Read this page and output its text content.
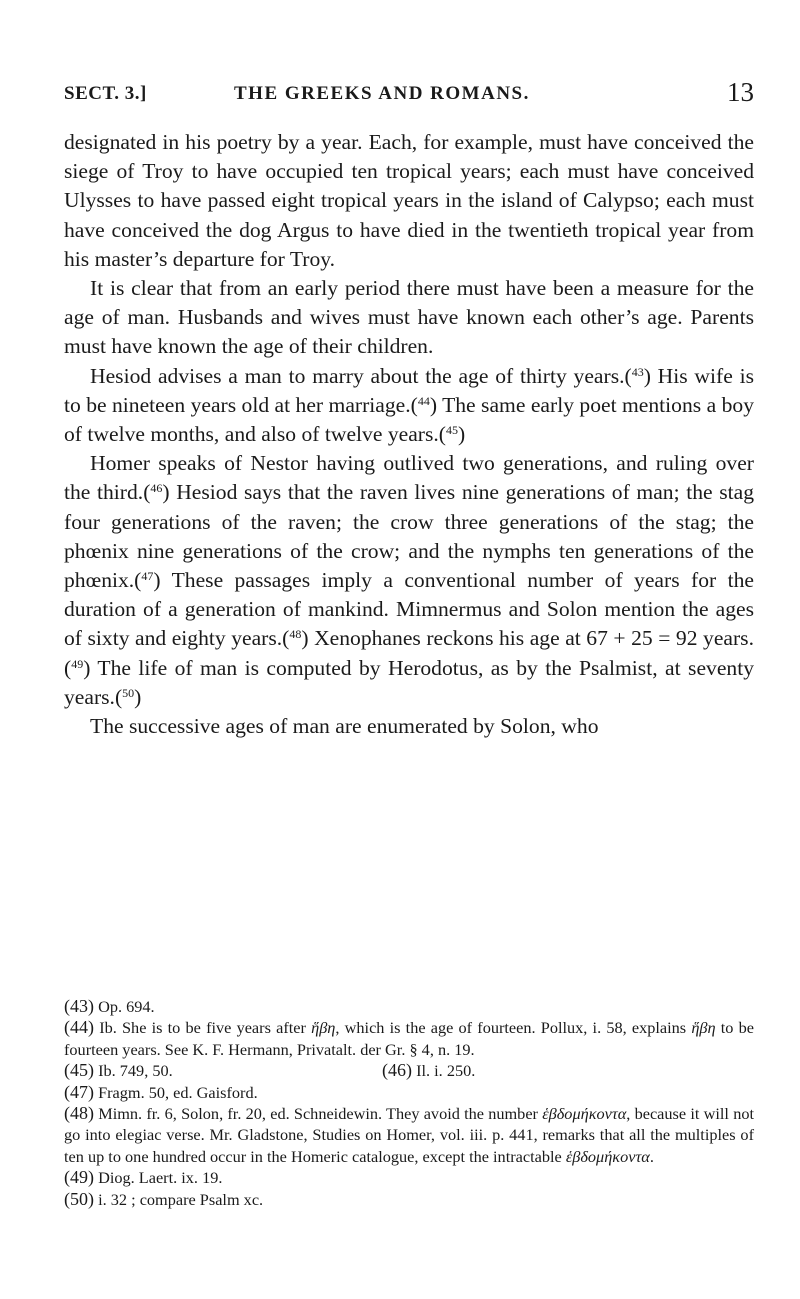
SECT. 3.]	THE GREEKS AND ROMANS.	13

designated in his poetry by a year. Each, for example, must have conceived the siege of Troy to have occupied ten tropical years; each must have conceived Ulysses to have passed eight tropical years in the island of Calypso; each must have conceived the dog Argus to have died in the twentieth tropical year from his master’s departure for Troy.

It is clear that from an early period there must have been a measure for the age of man. Husbands and wives must have known each other’s age. Parents must have known the age of their children.

Hesiod advises a man to marry about the age of thirty years.($^{43}$) His wife is to be nineteen years old at her marriage.($^{44}$) The same early poet mentions a boy of twelve months, and also of twelve years.($^{45}$)

Homer speaks of Nestor having outlived two generations, and ruling over the third.($^{46}$) Hesiod says that the raven lives nine generations of man; the stag four generations of the raven; the crow three generations of the stag; the phœnix nine generations of the crow; and the nymphs ten generations of the phœnix.($^{47}$) These passages imply a conventional number of years for the duration of a generation of mankind. Mimnermus and Solon mention the ages of sixty and eighty years.($^{48}$) Xenophanes reckons his age at 67 + 25 = 92 years.($^{49}$) The life of man is computed by Herodotus, as by the Psalmist, at seventy years.($^{50}$)

The successive ages of man are enumerated by Solon, who

(43) Op. 694.

(44) Ib. She is to be five years after ἥβη, which is the age of fourteen. Pollux, i. 58, explains ἥβη to be fourteen years. See K. F. Hermann, Privatalt. der Gr. § 4, n. 19.

(45) Ib. 749, 50.	(46) Il. i. 250.

(47) Fragm. 50, ed. Gaisford.

(48) Mimn. fr. 6, Solon, fr. 20, ed. Schneidewin. They avoid the number ἑβδομήκοντα, because it will not go into elegiac verse. Mr. Gladstone, Studies on Homer, vol. iii. p. 441, remarks that all the multiples of ten up to one hundred occur in the Homeric catalogue, except the intractable ἑβδομήκοντα.

(49) Diog. Laert. ix. 19.

(50) i. 32 ; compare Psalm xc.
